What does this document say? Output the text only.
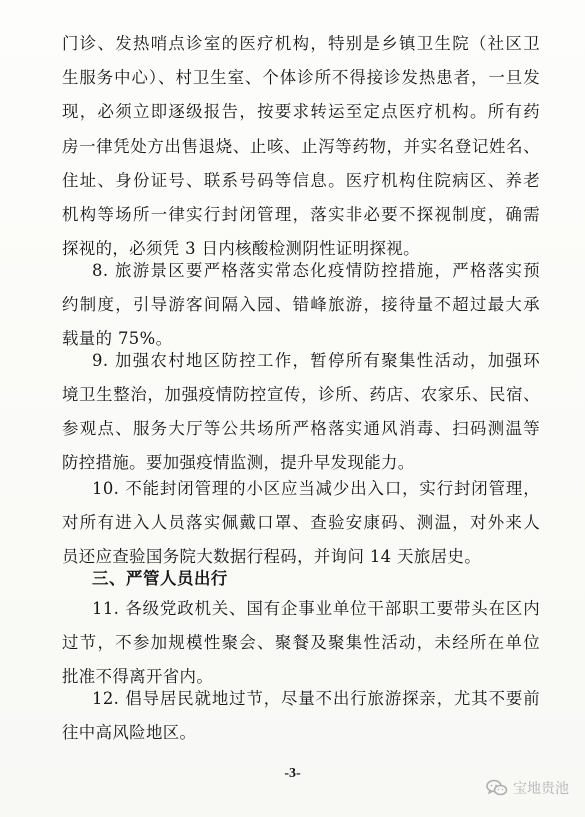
门诊、发热哨点诊室的医疗机构，特别是乡镇卫生院（社区卫
生服务中心）、村卫生室、个体诊所不得接诊发热患者，一旦发
现，必须立即逐级报告，按要求转运至定点医疗机构。所有药
房一律凭处方出售退烧、止咳、止泻等药物，并实名登记姓名、
住址、身份证号、联系号码等信息。医疗机构住院病区、养老
机构等场所一律实行封闭管理，落实非必要不探视制度，确需
探视的，必须凭 3 日内核酸检测阴性证明探视。
8. 旅游景区要严格落实常态化疫情防控措施，严格落实预
约制度，引导游客间隔入园、错峰旅游，接待量不超过最大承
载量的 75%。
9. 加强农村地区防控工作，暂停所有聚集性活动，加强环
境卫生整治，加强疫情防控宣传，诊所、药店、农家乐、民宿、
参观点、服务大厅等公共场所严格落实通风消毒、扫码测温等
防控措施。要加强疫情监测，提升早发现能力。
10. 不能封闭管理的小区应当减少出入口，实行封闭管理，
对所有进入人员落实佩戴口罩、查验安康码、测温，对外来人
员还应查验国务院大数据行程码，并询问 14 天旅居史。
三、严管人员出行
11. 各级党政机关、国有企事业单位干部职工要带头在区内
过节，不参加规模性聚会、聚餐及聚集性活动，未经所在单位
批准不得离开省内。
12. 倡导居民就地过节，尽量不出行旅游探亲，尤其不要前
往中高风险地区。
-3-
宝地贵池
